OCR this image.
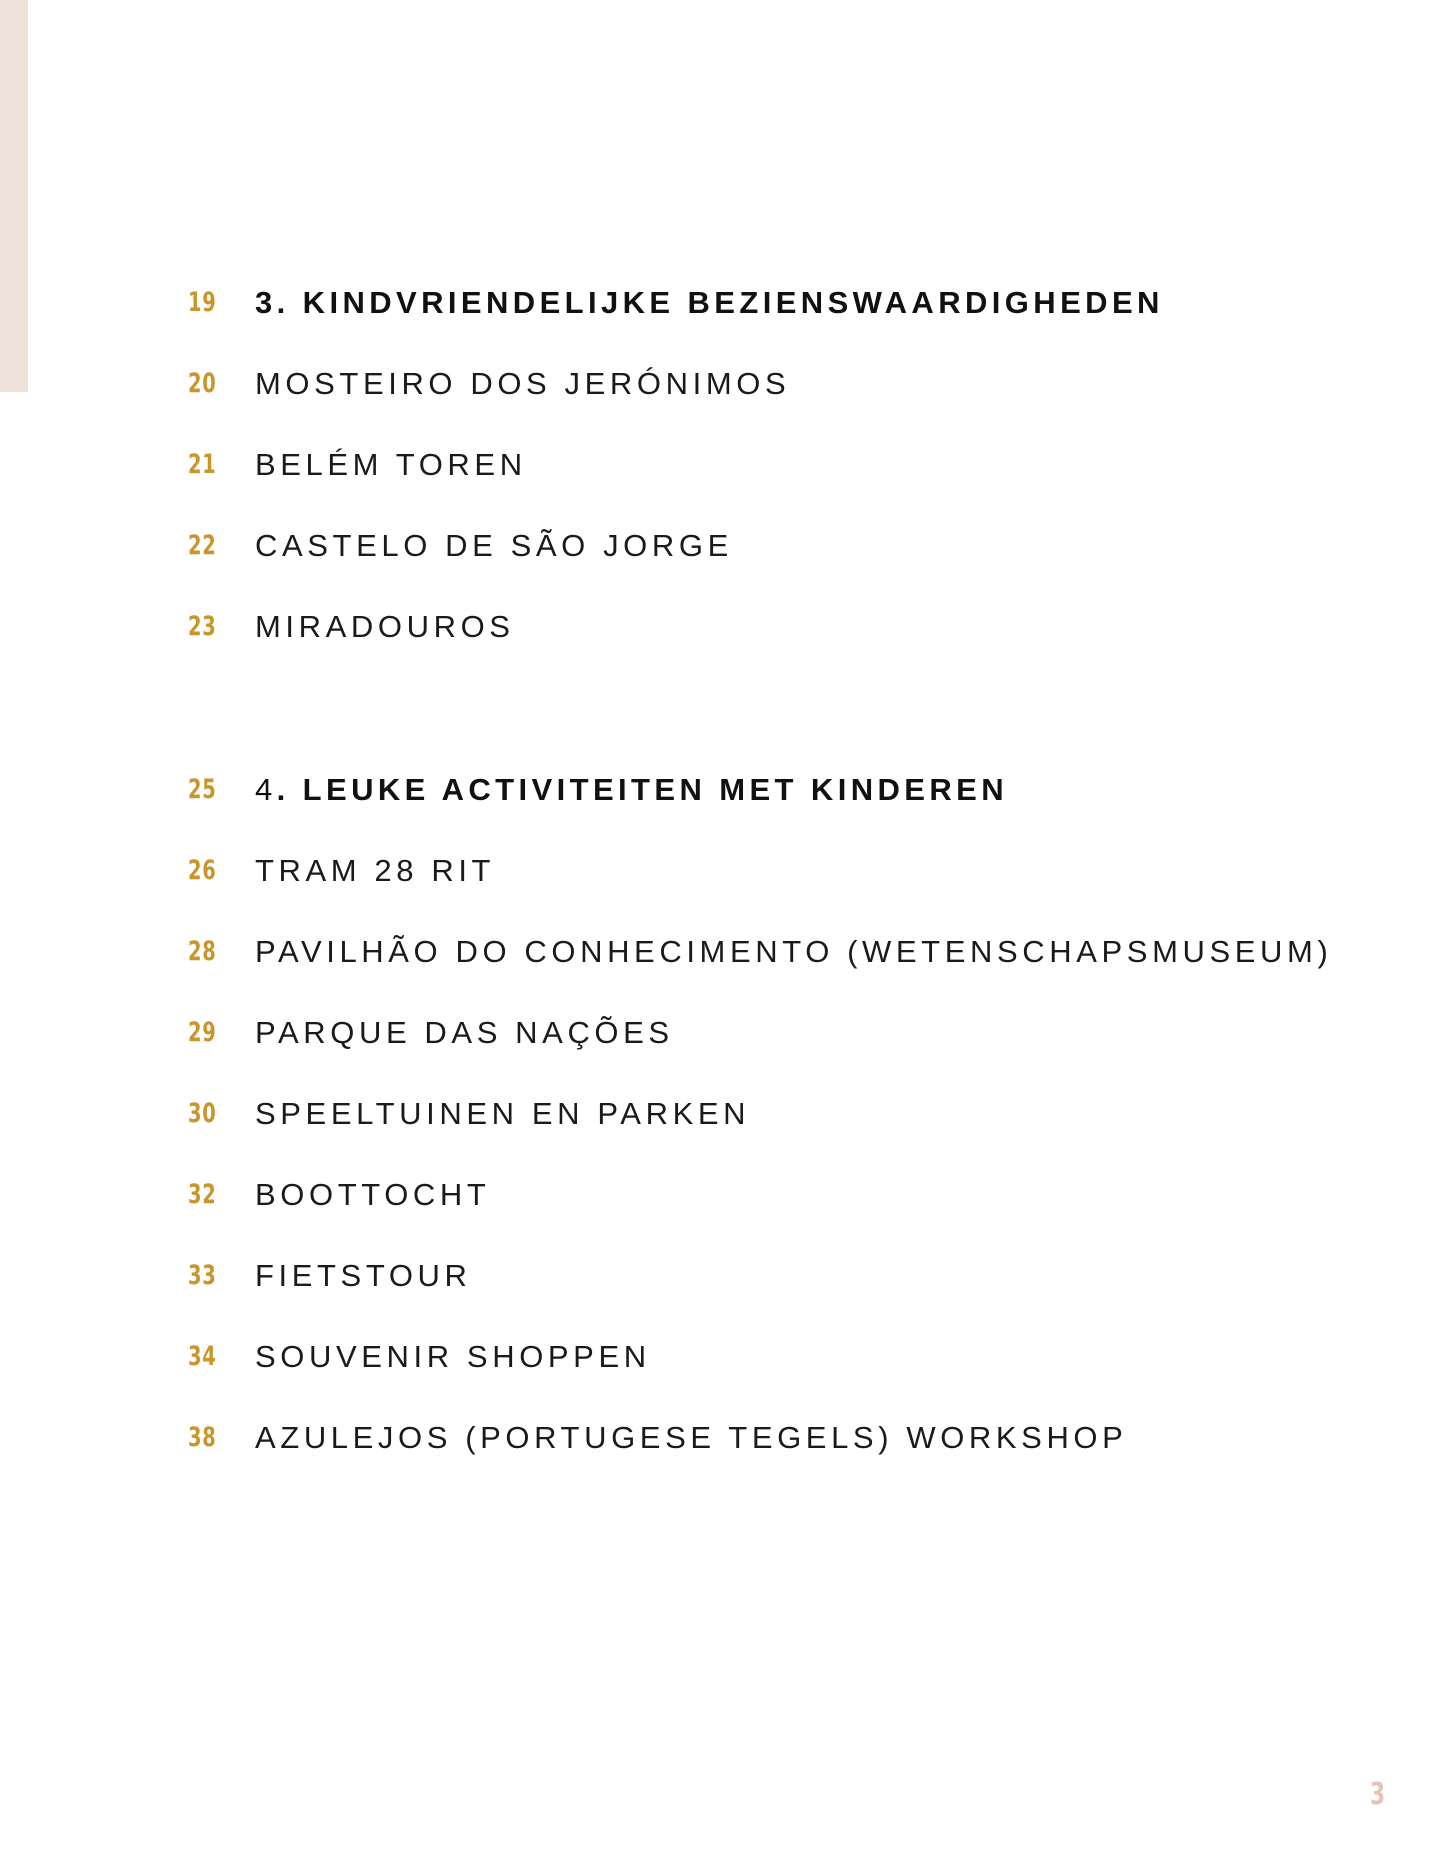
19 3. KINDVRIENDELIJKE BEZIENSWAARDIGHEDEN
20 MOSTEIRO DOS JERÓNIMOS
21 BELÉM TOREN
22 CASTELO DE SÃO JORGE
23 MIRADOUROS
25 4. LEUKE ACTIVITEITEN MET KINDEREN
26 TRAM 28 RIT
28 PAVILHÃO DO CONHECIMENTO (WETENSCHAPSMUSEUM)
29 PARQUE DAS NAÇÕES
30 SPEELTUINEN EN PARKEN
32 BOOTTOCHT
33 FIETSTOUR
34 SOUVENIR SHOPPEN
38 AZULEJOS (PORTUGESE TEGELS) WORKSHOP
3
